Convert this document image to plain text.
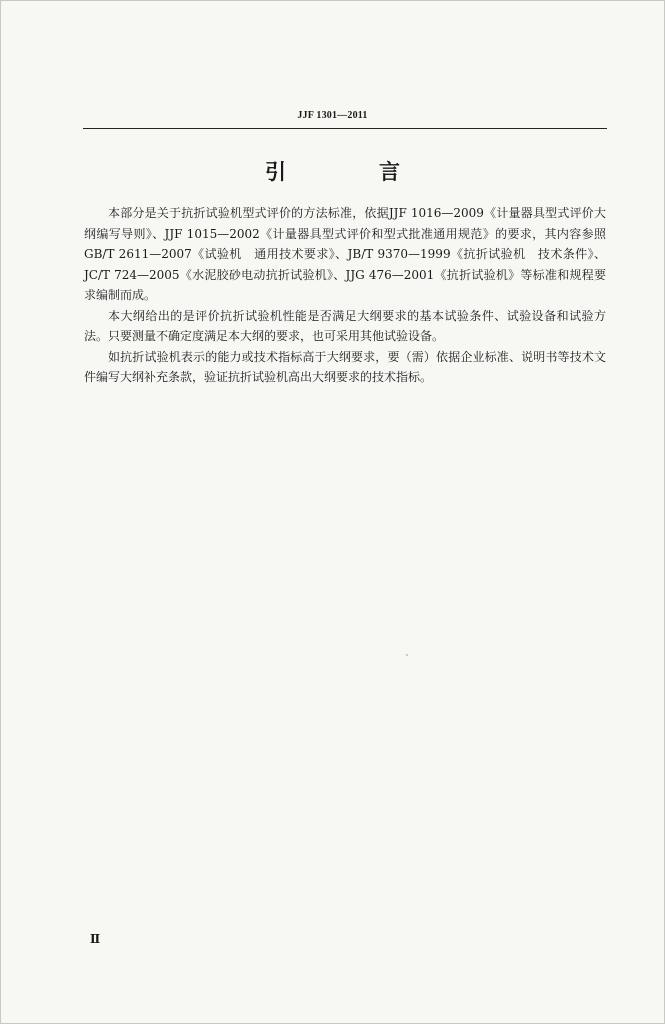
JJF 1301—2011
引　言

本部分是关于抗折试验机型式评价的方法标准，依据JJF 1016—2009《计量器具型式评价大纲编写导则》、JJF 1015—2002《计量器具型式评价和型式批准通用规范》的要求，其内容参照GB/T 2611—2007《试验机　通用技术要求》、JB/T 9370—1999《抗折试验机　技术条件》、JC/T 724—2005《水泥胶砂电动抗折试验机》、JJG 476—2001《抗折试验机》等标准和规程要求编制而成。

本大纲给出的是评价抗折试验机性能是否满足大纲要求的基本试验条件、试验设备和试验方法。只要测量不确定度满足本大纲的要求，也可采用其他试验设备。

如抗折试验机表示的能力或技术指标高于大纲要求，要（需）依据企业标准、说明书等技术文件编写大纲补充条款，验证抗折试验机高出大纲要求的技术指标。

Ⅱ
